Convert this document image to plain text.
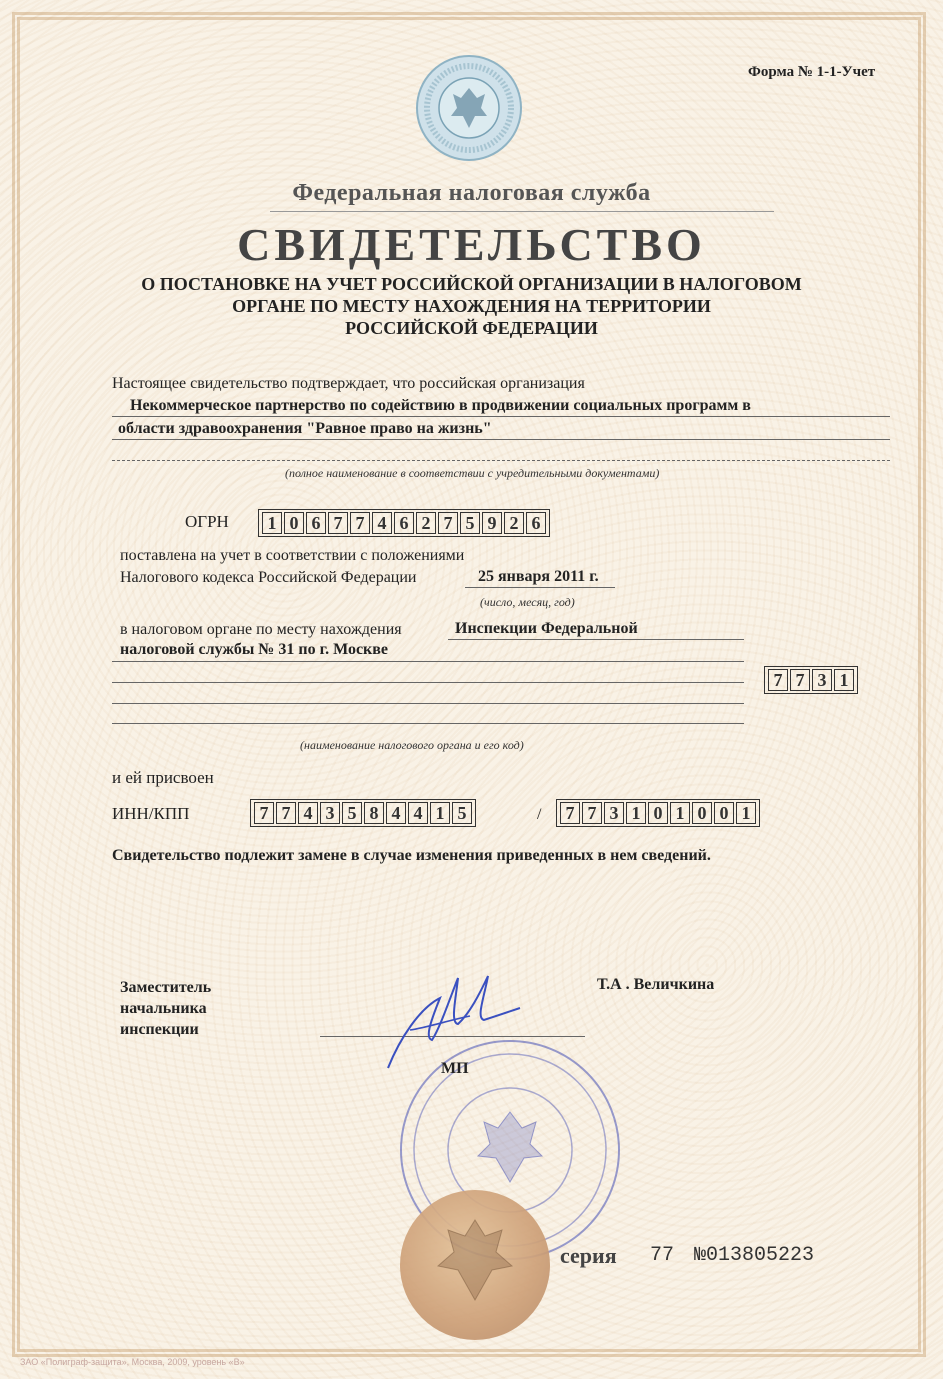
Форма № 1-1-Учет
Федеральная налоговая служба
СВИДЕТЕЛЬСТВО
О ПОСТАНОВКЕ НА УЧЕТ РОССИЙСКОЙ ОРГАНИЗАЦИИ В НАЛОГОВОМ
ОРГАНЕ ПО МЕСТУ НАХОЖДЕНИЯ НА ТЕРРИТОРИИ
РОССИЙСКОЙ ФЕДЕРАЦИИ
Настоящее свидетельство подтверждает, что российская организация
Некоммерческое партнерство по содействию в продвижении социальных программ в
области здравоохранения "Равное право на жизнь"
(полное наименование в соответствии с учредительными документами)
ОГРН	1 0 6 7 7 4 6 2 7 5 9 2 6
поставлена на учет в соответствии с положениями
Налогового кодекса Российской Федерации	25 января 2011 г.
(число, месяц, год)
в налоговом органе по месту нахождения	Инспекции Федеральной
налоговой службы № 31 по г. Москве
7 7 3 1
(наименование налогового органа и его код)
и ей присвоен
ИНН/КПП	7 7 4 3 5 8 4 4 1 5	/	7 7 3 1 0 1 0 0 1
Свидетельство подлежит замене в случае изменения приведенных в нем сведений.
Заместитель
начальника
инспекции
Т.А . Величкина
МП
серия 77 №013805223
ЗАО «Полиграф-защита», Москва, 2009, уровень «В»
